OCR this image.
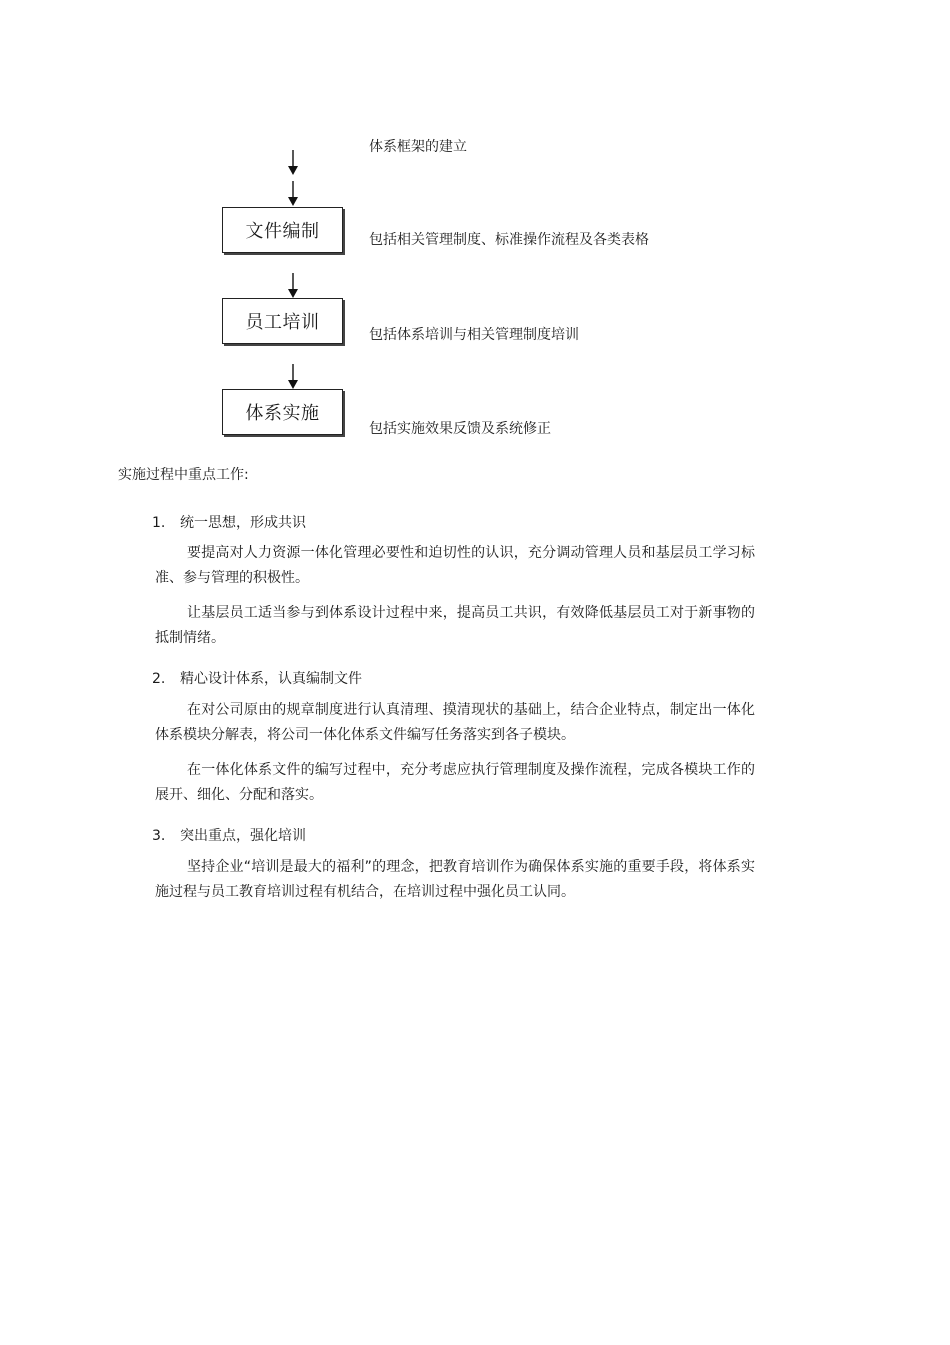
体系框架的建立
文件编制	包括相关管理制度、标准操作流程及各类表格
员工培训
包括体系培训与相关管理制度培训
体系实施
包括实施效果反馈及系统修正
实施过程中重点工作:
1. 统一思想，形成共识

要提高对人力资源一体化管理必要性和迫切性的认识，充分调动管理人员和基层员工学习标准、参与管理的积极性。

让基层员工适当参与到体系设计过程中来，提高员工共识，有效降低基层员工对于新事物的抵制情绪。

2. 精心设计体系，认真编制文件

在对公司原由的规章制度进行认真清理、摸清现状的基础上，结合企业特点，制定出一体化体系模块分解表，将公司一体化体系文件编写任务落实到各子模块。

在一体化体系文件的编写过程中，充分考虑应执行管理制度及操作流程，完成各模块工作的展开、细化、分配和落实。

3. 突出重点，强化培训

坚持企业“培训是最大的福利”的理念，把教育培训作为确保体系实施的重要手段，将体系实施过程与员工教育培训过程有机结合，在培训过程中强化员工认同。
